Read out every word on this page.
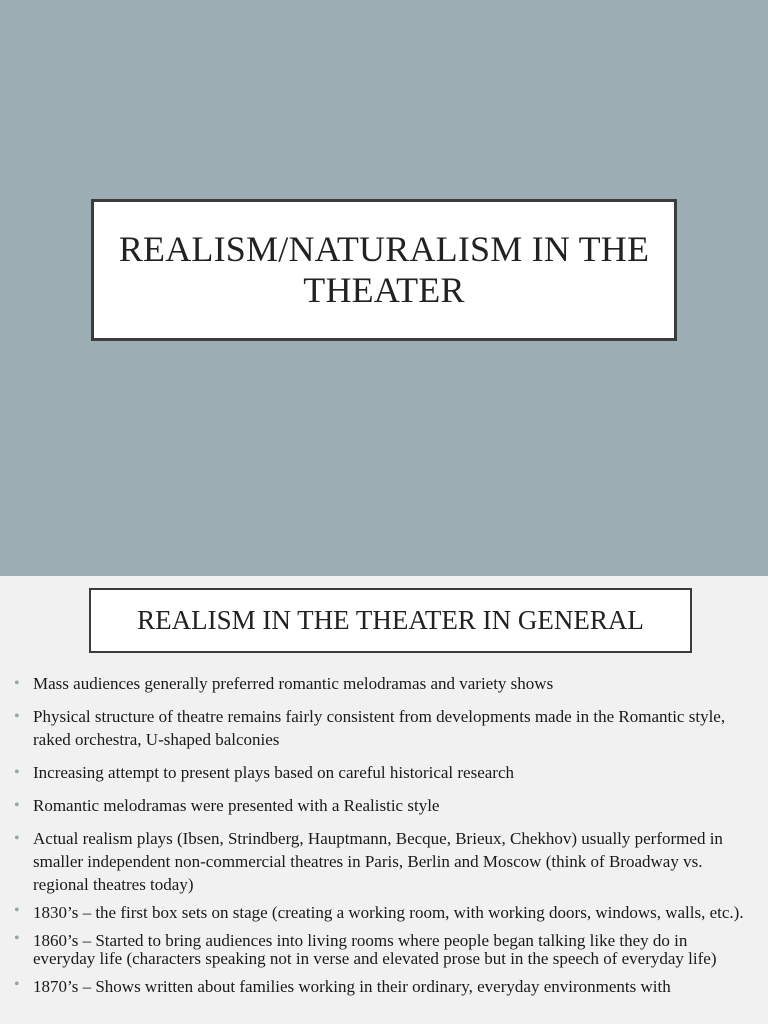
REALISM/NATURALISM IN THE THEATER
REALISM IN THE THEATER IN GENERAL
• Mass audiences generally preferred romantic melodramas and variety shows
• Physical structure of theatre remains fairly consistent from developments made in the Romantic style, raked orchestra, U-shaped balconies
• Increasing attempt to present plays based on careful historical research
• Romantic melodramas were presented with a Realistic style
• Actual realism plays (Ibsen, Strindberg, Hauptmann, Becque, Brieux, Chekhov) usually performed in smaller independent non-commercial theatres in Paris, Berlin and Moscow (think of Broadway vs. regional theatres today)
• 1830’s – the first box sets on stage (creating a working room, with working doors, windows, walls, etc.).
• 1860’s – Started to bring audiences into living rooms where people began talking like they do in everyday life (characters speaking not in verse and elevated prose but in the speech of everyday life)
• 1870’s – Shows written about families working in their ordinary, everyday environments with
